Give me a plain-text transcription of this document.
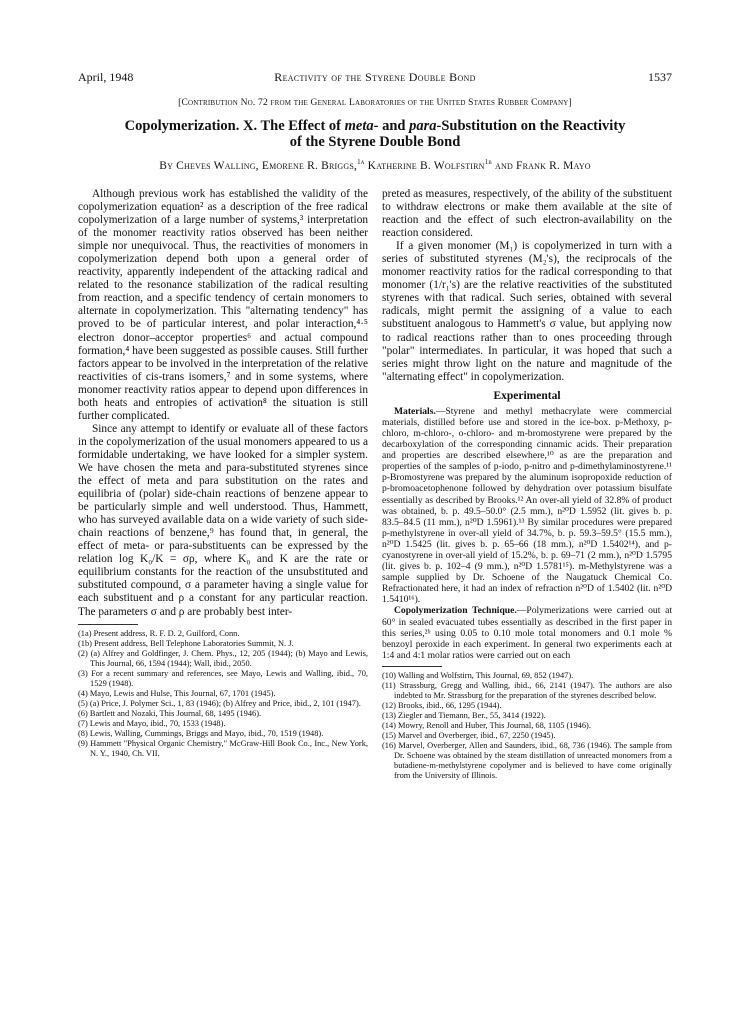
April, 1948	Reactivity of the Styrene Double Bond	1537
[Contribution No. 72 from the General Laboratories of the United States Rubber Company]
Copolymerization. X. The Effect of meta- and para-Substitution on the Reactivity
of the Styrene Double Bond
By Cheves Walling, Emorene R. Briggs,$^{1a}$ Katherine B. Wolfstirn$^{1b}$ and Frank R. Mayo

Although previous work has established the validity of the copolymerization equation² as a description of the free radical copolymerization of a large number of systems,³ interpretation of the monomer reactivity ratios observed has been neither simple nor unequivocal. Thus, the reactivities of monomers in copolymerization depend both upon a general order of reactivity, apparently independent of the attacking radical and related to the resonance stabilization of the radical resulting from reaction, and a specific tendency of certain monomers to alternate in copolymerization. This "alternating tendency" has proved to be of particular interest, and polar interaction,⁴·⁵ electron donor–acceptor properties⁶ and actual compound formation,⁴ have been suggested as possible causes. Still further factors appear to be involved in the interpretation of the relative reactivities of cis-trans isomers,⁷ and in some systems, where monomer reactivity ratios appear to depend upon differences in both heats and entropies of activation⁸ the situation is still further complicated.

Since any attempt to identify or evaluate all of these factors in the copolymerization of the usual monomers appeared to us a formidable undertaking, we have looked for a simpler system. We have chosen the meta and para-substituted styrenes since the effect of meta and para substitution on the rates and equilibria of (polar) side-chain reactions of benzene appear to be particularly simple and well understood. Thus, Hammett, who has surveyed available data on a wide variety of such side-chain reactions of benzene,⁹ has found that, in general, the effect of meta- or para-substituents can be expressed by the relation log K₀/K = σρ, where K₀ and K are the rate or equilibrium constants for the reaction of the unsubstituted and substituted compound, σ a parameter having a single value for each substituent and ρ a constant for any particular reaction. The parameters σ and ρ are probably best inter-

(1a) Present address, R. F. D. 2, Guilford, Conn.
(1b) Present address, Bell Telephone Laboratories Summit, N. J.
(2) (a) Alfrey and Goldfinger, J. Chem. Phys., 12, 205 (1944); (b) Mayo and Lewis, This Journal, 66, 1594 (1944); Wall, ibid., 2050.
(3) For a recent summary and references, see Mayo, Lewis and Walling, ibid., 70, 1529 (1948).
(4) Mayo, Lewis and Hulse, This Journal, 67, 1701 (1945).
(5) (a) Price, J. Polymer Sci., 1, 83 (1946); (b) Alfrey and Price, ibid., 2, 101 (1947).
(6) Bartlett and Nozaki, This Journal, 68, 1495 (1946).
(7) Lewis and Mayo, ibid., 70, 1533 (1948).
(8) Lewis, Walling, Cummings, Briggs and Mayo, ibid., 70, 1519 (1948).
(9) Hammett "Physical Organic Chemistry," McGraw-Hill Book Co., Inc., New York, N. Y., 1940, Ch. VII.

preted as measures, respectively, of the ability of the substituent to withdraw electrons or make them available at the site of reaction and the effect of such electron-availability on the reaction considered.

If a given monomer (M₁) is copolymerized in turn with a series of substituted styrenes (M₂'s), the reciprocals of the monomer reactivity ratios for the radical corresponding to that monomer (1/r₁'s) are the relative reactivities of the substituted styrenes with that radical. Such series, obtained with several radicals, might permit the assigning of a value to each substituent analogous to Hammett's σ value, but applying now to radical reactions rather than to ones proceeding through "polar" intermediates. In particular, it was hoped that such a series might throw light on the nature and magnitude of the "alternating effect" in copolymerization.

Experimental

Materials.—Styrene and methyl methacrylate were commercial materials, distilled before use and stored in the ice-box. p-Methoxy, p-chloro, m-chloro-, o-chloro- and m-bromostyrene were prepared by the decarboxylation of the corresponding cinnamic acids. Their preparation and properties are described elsewhere,¹⁰ as are the preparation and properties of the samples of p-iodo, p-nitro and p-dimethylaminostyrene.¹¹ p-Bromostyrene was prepared by the aluminum isopropoxide reduction of p-bromoacetophenone followed by dehydration over potassium bisulfate essentially as described by Brooks.¹² An over-all yield of 32.8% of product was obtained, b. p. 49.5–50.0° (2.5 mm.), n²⁰D 1.5952 (lit. gives b. p. 83.5–84.5 (11 mm.), n²⁰D 1.5961).¹³ By similar procedures were prepared p-methylstyrene in over-all yield of 34.7%, b. p. 59.3–59.5° (15.5 mm.), n²⁰D 1.5425 (lit. gives b. p. 65–66 (18 mm.), n²⁰D 1.5402¹⁴), and p-cyanostyrene in over-all yield of 15.2%, b. p. 69–71 (2 mm.), n²⁰D 1.5795 (lit. gives b. p. 102–4 (9 mm.), n²⁰D 1.5781¹⁵). m-Methylstyrene was a sample supplied by Dr. Schoene of the Naugatuck Chemical Co. Refractionated here, it had an index of refraction n²⁰D of 1.5402 (lit. n²⁰D 1.5410¹⁶).

Copolymerization Technique.—Polymerizations were carried out at 60° in sealed evacuated tubes essentially as described in the first paper in this series,²ᵇ using 0.05 to 0.10 mole total monomers and 0.1 mole % benzoyl peroxide in each experiment. In general two experiments each at 1:4 and 4:1 molar ratios were carried out on each

(10) Walling and Wolfstirn, This Journal, 69, 852 (1947).
(11) Strassburg, Gregg and Walling, ibid., 66, 2141 (1947). The authors are also indebted to Mr. Strassburg for the preparation of the styrenes described below.
(12) Brooks, ibid., 66, 1295 (1944).
(13) Ziegler and Tiemann, Ber., 55, 3414 (1922).
(14) Mowry, Renoll and Huber, This Journal, 68, 1105 (1946).
(15) Marvel and Overberger, ibid., 67, 2250 (1945).
(16) Marvel, Overberger, Allen and Saunders, ibid., 68, 736 (1946). The sample from Dr. Schoene was obtained by the steam distillation of unreacted monomers from a butadiene-m-methylstyrene copolymer and is believed to have come originally from the University of Illinois.
